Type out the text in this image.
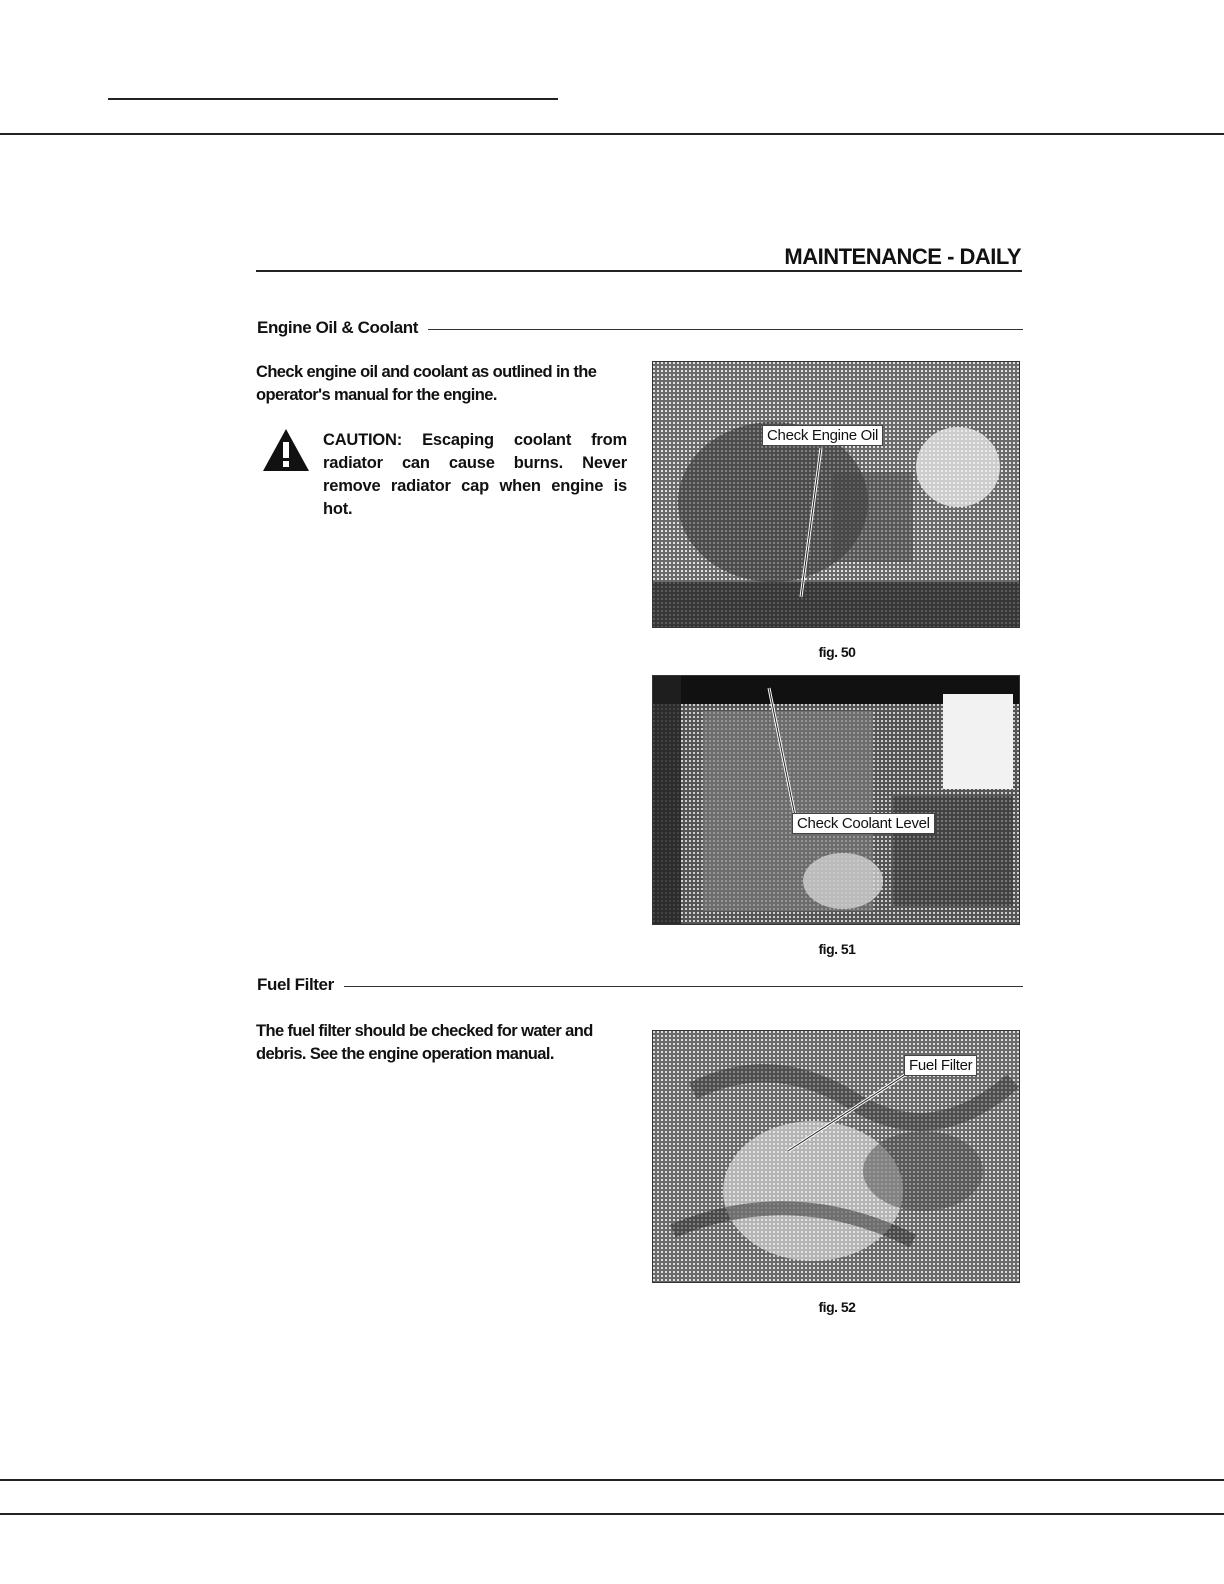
MAINTENANCE - DAILY
Engine Oil & Coolant
Check engine oil and coolant as outlined in the operator's manual for the engine.
CAUTION: Escaping coolant from radiator can cause burns. Never remove radiator cap when engine is hot.
Check Engine Oil
fig. 50
Check Coolant Level
fig. 51
Fuel Filter
The fuel filter should be checked for water and debris. See the engine operation manual.
Fuel Filter
fig. 52
